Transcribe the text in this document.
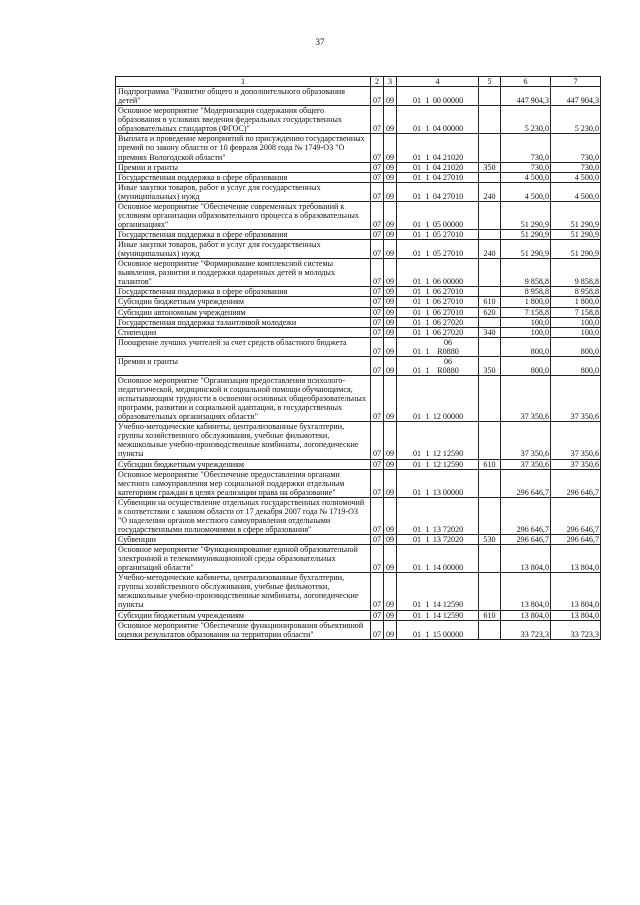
37
1	2	3	4	5	6	7
Подпрограмма "Развитие общего и дополнительного образования детей"	07	09	01 1 00 00000		447 904,3	447 904,3
Основное мероприятие "Модернизация содержания общего образования в условиях введения федеральных государственных образовательных стандартов (ФГОС)"	07	09	01 1 04 00000		5 230,0	5 230,0
Выплата и проведение мероприятий по присуждению государственных премий по закону области от 10 февраля 2008 года № 1749-ОЗ "О премиях Вологодской области"	07	09	01 1 04 21020		730,0	730,0
Премии и гранты	07	09	01 1 04 21020	350	730,0	730,0
Государственная поддержка в сфере образования	07	09	01 1 04 27010		4 500,0	4 500,0
Иные закупки товаров, работ и услуг для государственных (муниципальных) нужд	07	09	01 1 04 27010	240	4 500,0	4 500,0
Основное мероприятие "Обеспечение современных требований к условиям организации образовательного процесса в образовательных организациях"	07	09	01 1 05 00000		51 290,9	51 290,9
Государственная поддержка в сфере образования	07	09	01 1 05 27010		51 290,9	51 290,9
Иные закупки товаров, работ и услуг для государственных (муниципальных) нужд	07	09	01 1 05 27010	240	51 290,9	51 290,9
Основное мероприятие "Формирование комплексной системы выявления, развития и поддержки одаренных детей и молодых талантов"	07	09	01 1 06 00000		9 858,8	9 858,8
Государственная поддержка в сфере образования	07	09	01 1 06 27010		8 958,8	8 958,8
Субсидии бюджетным учреждениям	07	09	01 1 06 27010	610	1 800,0	1 800,0
Субсидии автономным учреждениям	07	09	01 1 06 27010	620	7 158,8	7 158,8
Государственная поддержка талантливой молодежи	07	09	01 1 06 27020		100,0	100,0
Стипендии	07	09	01 1 06 27020	340	100,0	100,0
Поощрение лучших учителей за счет средств областного бюджета	07	09	01 106 R0880		800,0	800,0
Премии и гранты	07	09	01 106 R0880	350	800,0	800,0
Основное мероприятие "Организация предоставления психолого-педагогической, медицинской и социальной помощи обучающимся, испытывающим трудности в освоении основных общеобразовательных программ, развитии и социальной адаптации, в государственных образовательных организациях области"	07	09	01 1 12 00000		37 350,6	37 350,6
Учебно-методические кабинеты, централизованные бухгалтерии, группы хозяйственного обслуживания, учебные фильмотеки, межшкольные учебно-производственные комбинаты, логопедические пункты	07	09	01 1 12 12590		37 350,6	37 350,6
Субсидии бюджетным учреждениям	07	09	01 1 12 12590	610	37 350,6	37 350,6
Основное мероприятие "Обеспечение предоставления органами местного самоуправления мер социальной поддержки отдельным категориям граждан в целях реализации права на образование"	07	09	01 1 13 00000		296 646,7	296 646,7
Субвенции на осуществление отдельных государственных полномочий в соответствии с законом области от 17 декабря 2007 года № 1719-ОЗ "О наделении органов местного самоуправления отдельными государственными полномочиями в сфере образования"	07	09	01 1 13 72020		296 646,7	296 646,7
Субвенции	07	09	01 1 13 72020	530	296 646,7	296 646,7
Основное мероприятие "Функционирование единой образовательной электронной и телекоммуникационной среды образовательных организаций области"	07	09	01 1 14 00000		13 804,0	13 804,0
Учебно-методические кабинеты, централизованные бухгалтерии, группы хозяйственного обслуживания, учебные фильмотеки, межшкольные учебно-производственные комбинаты, логопедические пункты	07	09	01 1 14 12590		13 804,0	13 804,0
Субсидии бюджетным учреждениям	07	09	01 1 14 12590	610	13 804,0	13 804,0
Основное мероприятие "Обеспечение функционирования объективной оценки результатов образования на территории области"	07	09	01 1 15 00000		33 723,3	33 723,3
